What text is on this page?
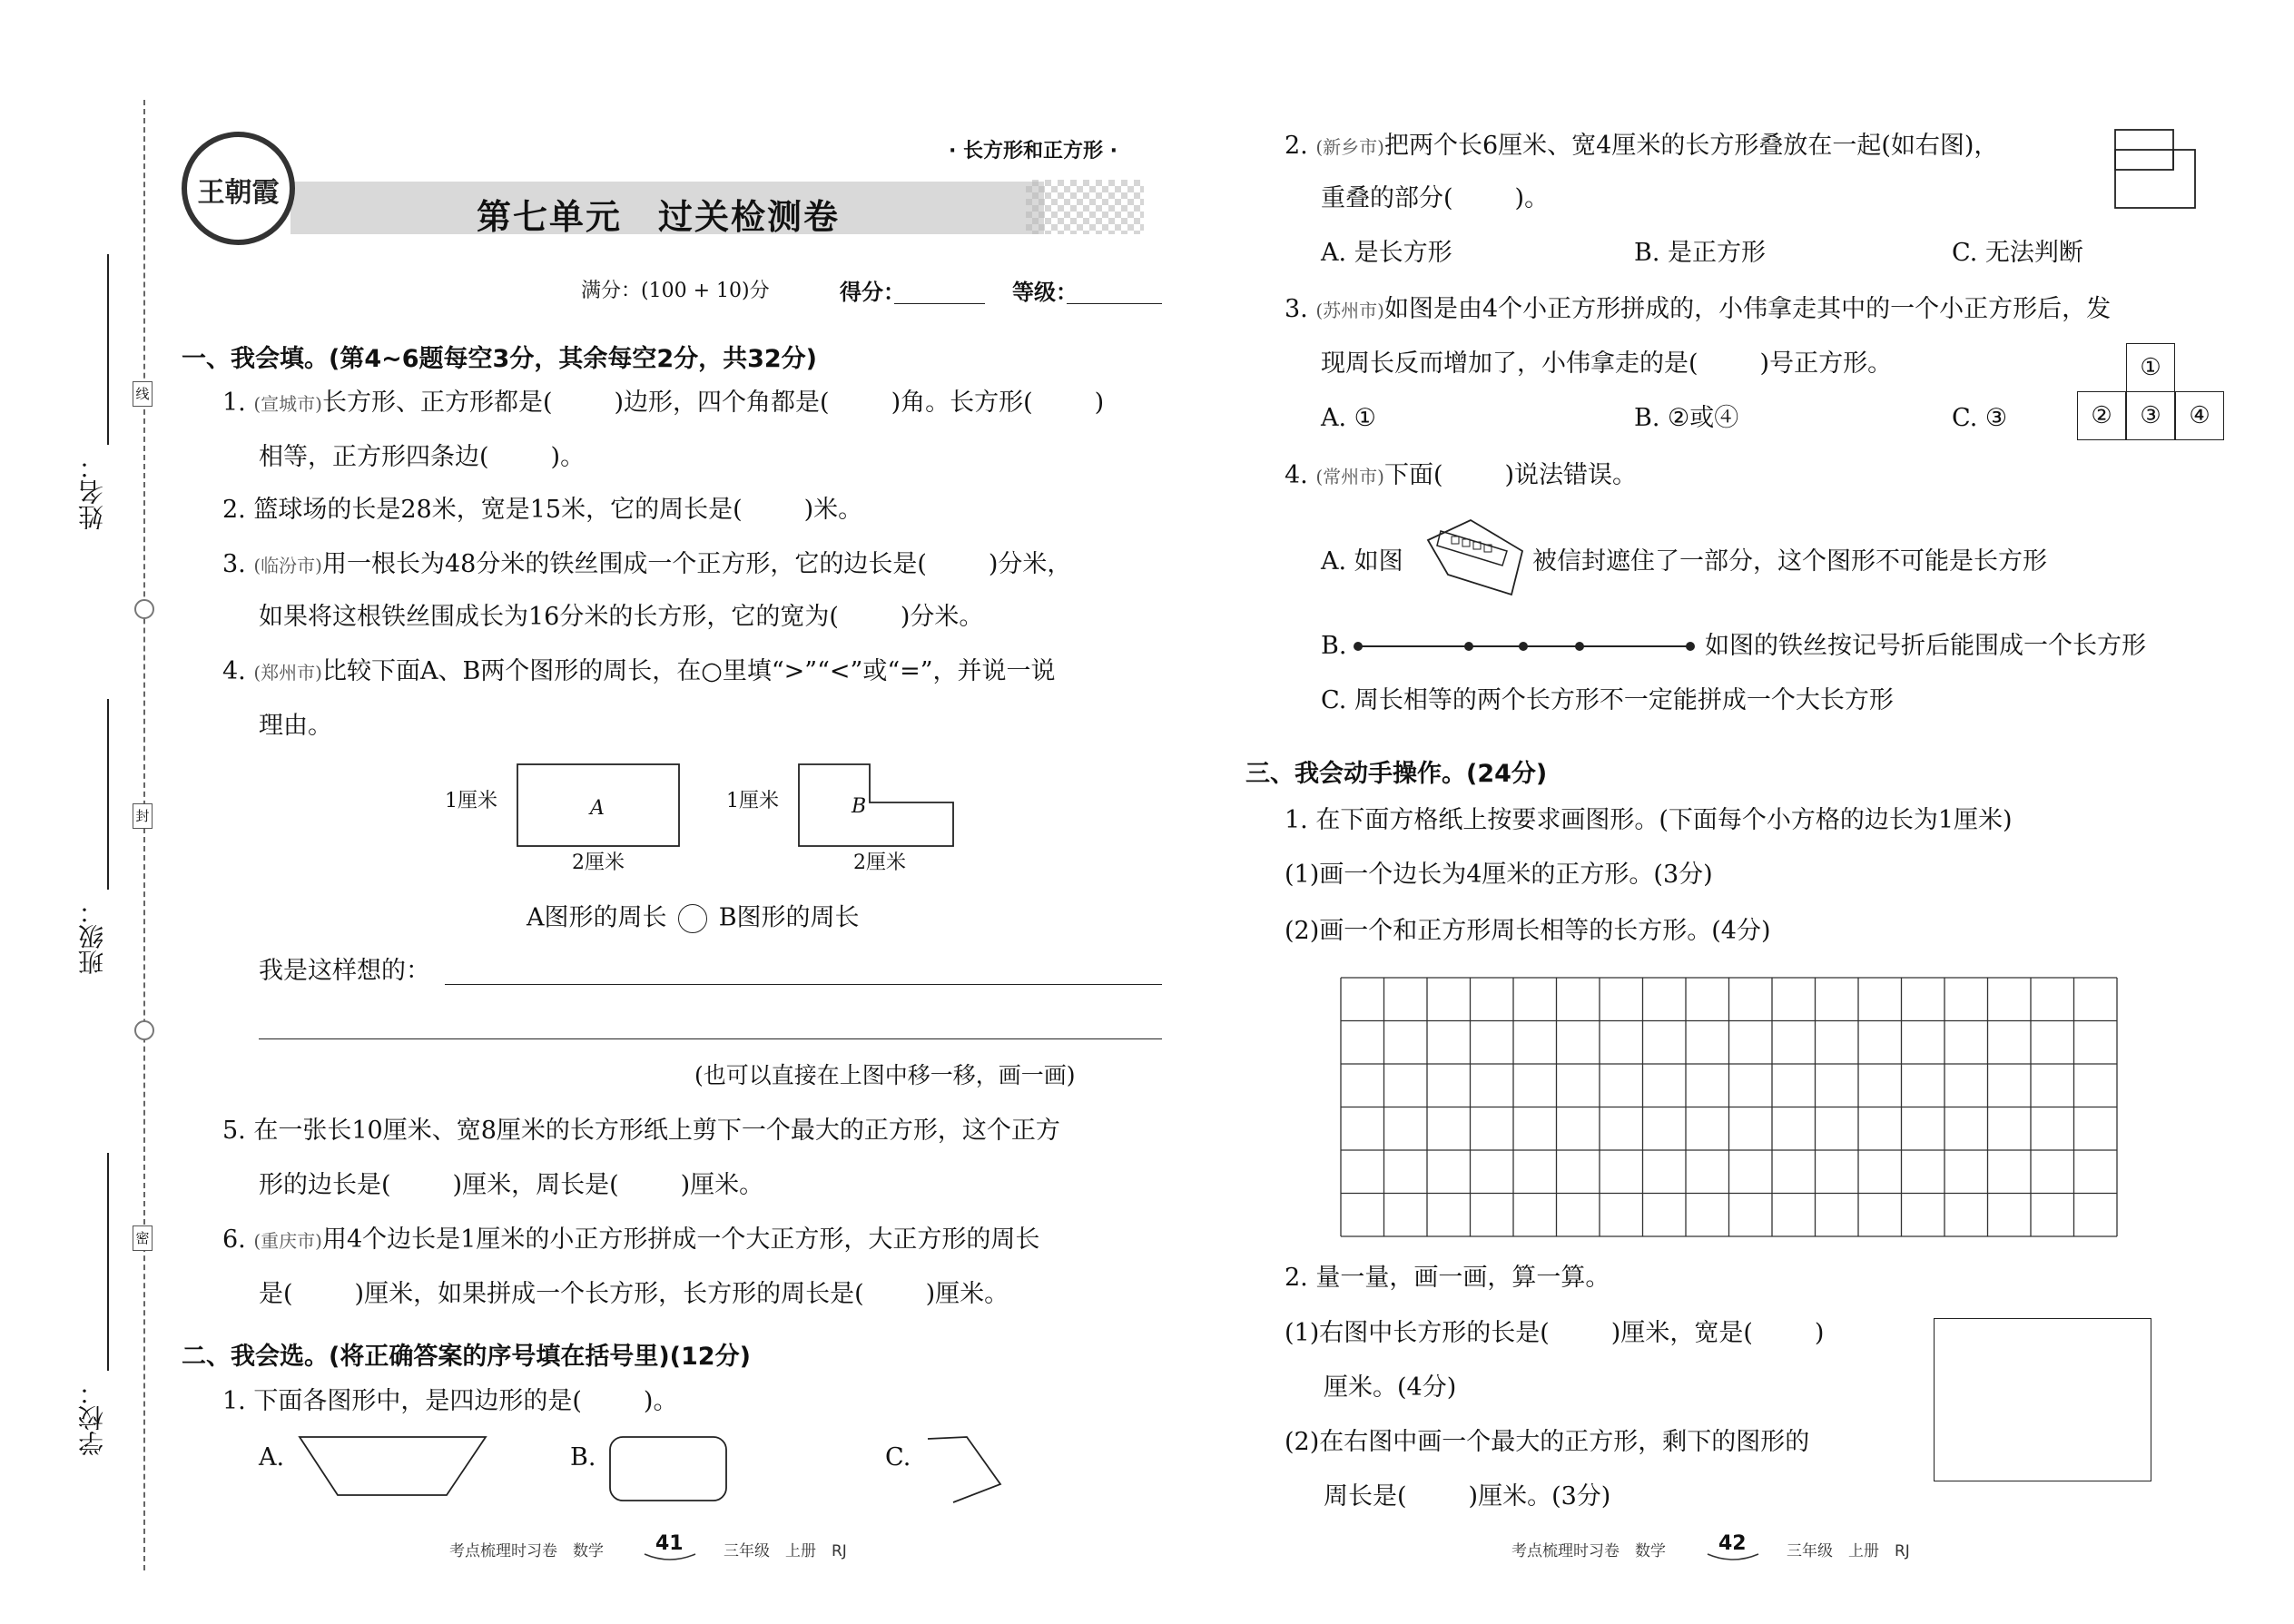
姓名：
班级：
学校：
线
封
密
王朝霞
· 长方形和正方形 ·
第七单元　过关检测卷
满分：(100 + 10)分	得分：	等级：
一、我会填。(第4~6题每空3分，其余每空2分，共32分)
1. (宣城市)长方形、正方形都是(	)边形，四个角都是(	)角。长方形(	)
相等，正方形四条边(	)。
2. 篮球场的长是28米，宽是15米，它的周长是(	)米。
3. (临汾市)用一根长为48分米的铁丝围成一个正方形，它的边长是(	)分米，
如果将这根铁丝围成长为16分米的长方形，它的宽为(	)分米。
4. (郑州市)比较下面A、B两个图形的周长，在○里填“>”“<”或“=”，并说一说
理由。
1厘米	A
2厘米
1厘米	B
2厘米
A图形的周长 B图形的周长
我是这样想的：
(也可以直接在上图中移一移，画一画)
5. 在一张长10厘米、宽8厘米的长方形纸上剪下一个最大的正方形，这个正方
形的边长是(	)厘米，周长是(	)厘米。
6. (重庆市)用4个边长是1厘米的小正方形拼成一个大正方形，大正方形的周长
是(	)厘米，如果拼成一个长方形，长方形的周长是(	)厘米。
二、我会选。(将正确答案的序号填在括号里)(12分)
1. 下面各图形中，是四边形的是(	)。
A.	B.	C.
考点梳理时习卷　数学	41	三年级　上册　RJ
2. (新乡市)把两个长6厘米、宽4厘米的长方形叠放在一起(如右图)，
重叠的部分(	)。
A. 是长方形	B. 是正方形	C. 无法判断
3. (苏州市)如图是由4个小正方形拼成的，小伟拿走其中的一个小正方形后，发
现周长反而增加了，小伟拿走的是(	)号正方形。
A. ①	B. ②或④	C. ③
①
②	③	④
4. (常州市)下面(	)说法错误。
A. 如图	被信封遮住了一部分，这个图形不可能是长方形
B.	如图的铁丝按记号折后能围成一个长方形
C. 周长相等的两个长方形不一定能拼成一个大长方形
三、我会动手操作。(24分)
1. 在下面方格纸上按要求画图形。(下面每个小方格的边长为1厘米)
(1)画一个边长为4厘米的正方形。(3分)
(2)画一个和正方形周长相等的长方形。(4分)
2. 量一量，画一画，算一算。
(1)右图中长方形的长是(	)厘米，宽是(	)
厘米。(4分)
(2)在右图中画一个最大的正方形，剩下的图形的
周长是(	)厘米。(3分)
考点梳理时习卷　数学	42	三年级　上册　RJ
